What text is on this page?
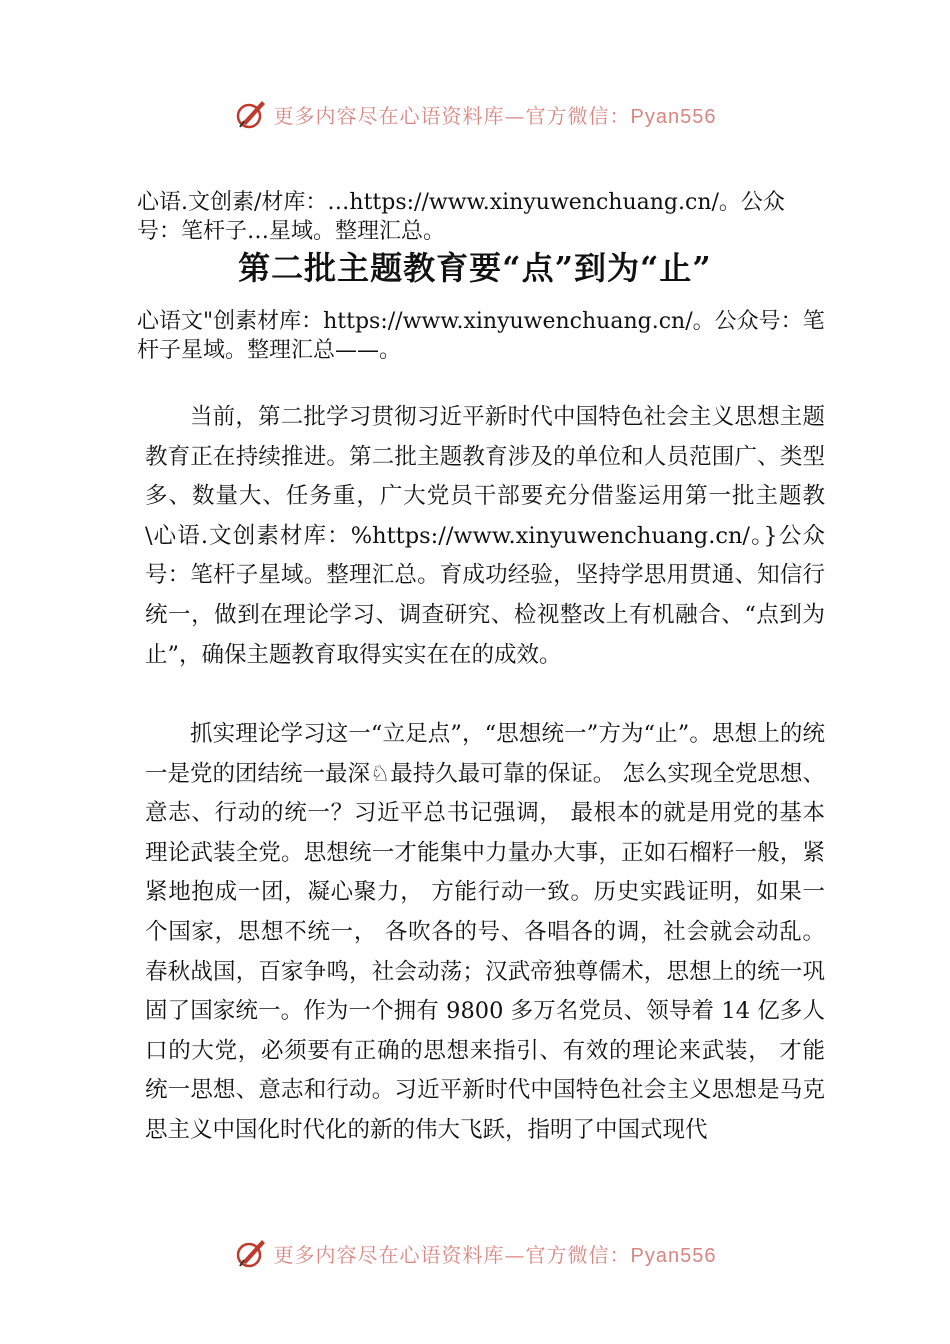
更多内容尽在心语资料库—官方微信：Pyan556
心语.文创素/材库：…https://www.xinyuwenchuang.cn/。公众号：笔杆子…星域。整理汇总。
第二批主题教育要“点”到为“止”
心语文"创素材库：https://www.xinyuwenchuang.cn/。公众号：笔杆子星域。整理汇总——。

当前，第二批学习贯彻习近平新时代中国特色社会主义思想主题教育正在持续推进。第二批主题教育涉及的单位和人员范围广、类型多、数量大、任务重，广大党员干部要充分借鉴运用第一批主题教\心语.文创素材库：%https://www.xinyuwenchuang.cn/。}公众号：笔杆子星域。整理汇总。育成功经验，坚持学思用贯通、知信行统一，做到在理论学习、调查研究、检视整改上有机融合、“点到为止”，确保主题教育取得实实在在的成效。

抓实理论学习这一“立足点”，“思想统一”方为“止”。思想上的统一是党的团结统一最深♘最持久最可靠的保证。 怎么实现全党思想、意志、行动的统一？习近平总书记强调， 最根本的就是用党的基本理论武装全党。思想统一才能集中力量办大事，正如石榴籽一般，紧紧地抱成一团，凝心聚力， 方能行动一致。历史实践证明，如果一个国家，思想不统一， 各吹各的号、各唱各的调，社会就会动乱。春秋战国，百家争鸣，社会动荡；汉武帝独尊儒术，思想上的统一巩固了国家统一。作为一个拥有 9800 多万名党员、领导着 14 亿多人口的大党，必须要有正确的思想来指引、有效的理论来武装， 才能统一思想、意志和行动。习近平新时代中国特色社会主义思想是马克思主义中国化时代化的新的伟大飞跃，指明了中国式现代

更多内容尽在心语资料库—官方微信：Pyan556
